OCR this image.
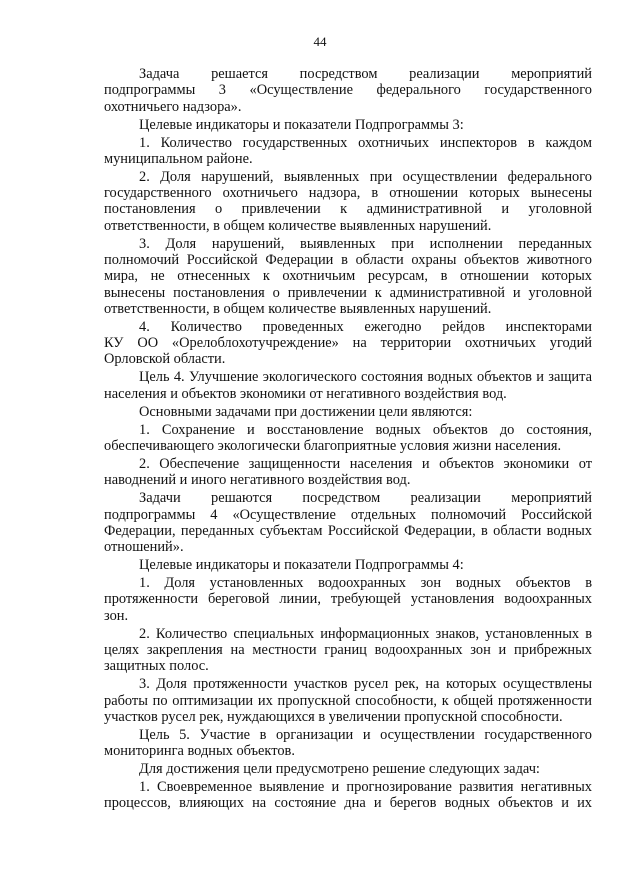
44
Задача решается посредством реализации мероприятий
подпрограммы 3 «Осуществление федерального государственного
охотничьего надзора».
Целевые индикаторы и показатели Подпрограммы 3:
1. Количество государственных охотничьих инспекторов в каждом
муниципальном районе.
2. Доля нарушений, выявленных при осуществлении федерального
государственного охотничьего надзора, в отношении которых вынесены
постановления о привлечении к административной и уголовной
ответственности, в общем количестве выявленных нарушений.
3. Доля нарушений, выявленных при исполнении переданных
полномочий Российской Федерации в области охраны объектов животного
мира, не отнесенных к охотничьим ресурсам, в отношении которых
вынесены постановления о привлечении к административной и уголовной
ответственности, в общем количестве выявленных нарушений.
4. Количество проведенных ежегодно рейдов инспекторами
КУ ОО «Орелоблохотучреждение» на территории охотничьих угодий
Орловской области.
Цель 4. Улучшение экологического состояния водных объектов и защита
населения и объектов экономики от негативного воздействия вод.
Основными задачами при достижении цели являются:
1. Сохранение и восстановление водных объектов до состояния,
обеспечивающего экологически благоприятные условия жизни населения.
2. Обеспечение защищенности населения и объектов экономики от
наводнений и иного негативного воздействия вод.
Задачи решаются посредством реализации мероприятий
подпрограммы 4 «Осуществление отдельных полномочий Российской
Федерации, переданных субъектам Российской Федерации, в области водных
отношений».
Целевые индикаторы и показатели Подпрограммы 4:
1. Доля установленных водоохранных зон водных объектов в
протяженности береговой линии, требующей установления водоохранных
зон.
2. Количество специальных информационных знаков, установленных в
целях закрепления на местности границ водоохранных зон и прибрежных
защитных полос.
3. Доля протяженности участков русел рек, на которых осуществлены
работы по оптимизации их пропускной способности, к общей протяженности
участков русел рек, нуждающихся в увеличении пропускной способности.
Цель 5. Участие в организации и осуществлении государственного
мониторинга водных объектов.
Для достижения цели предусмотрено решение следующих задач:
1. Своевременное выявление и прогнозирование развития негативных
процессов, влияющих на состояние дна и берегов водных объектов и их
